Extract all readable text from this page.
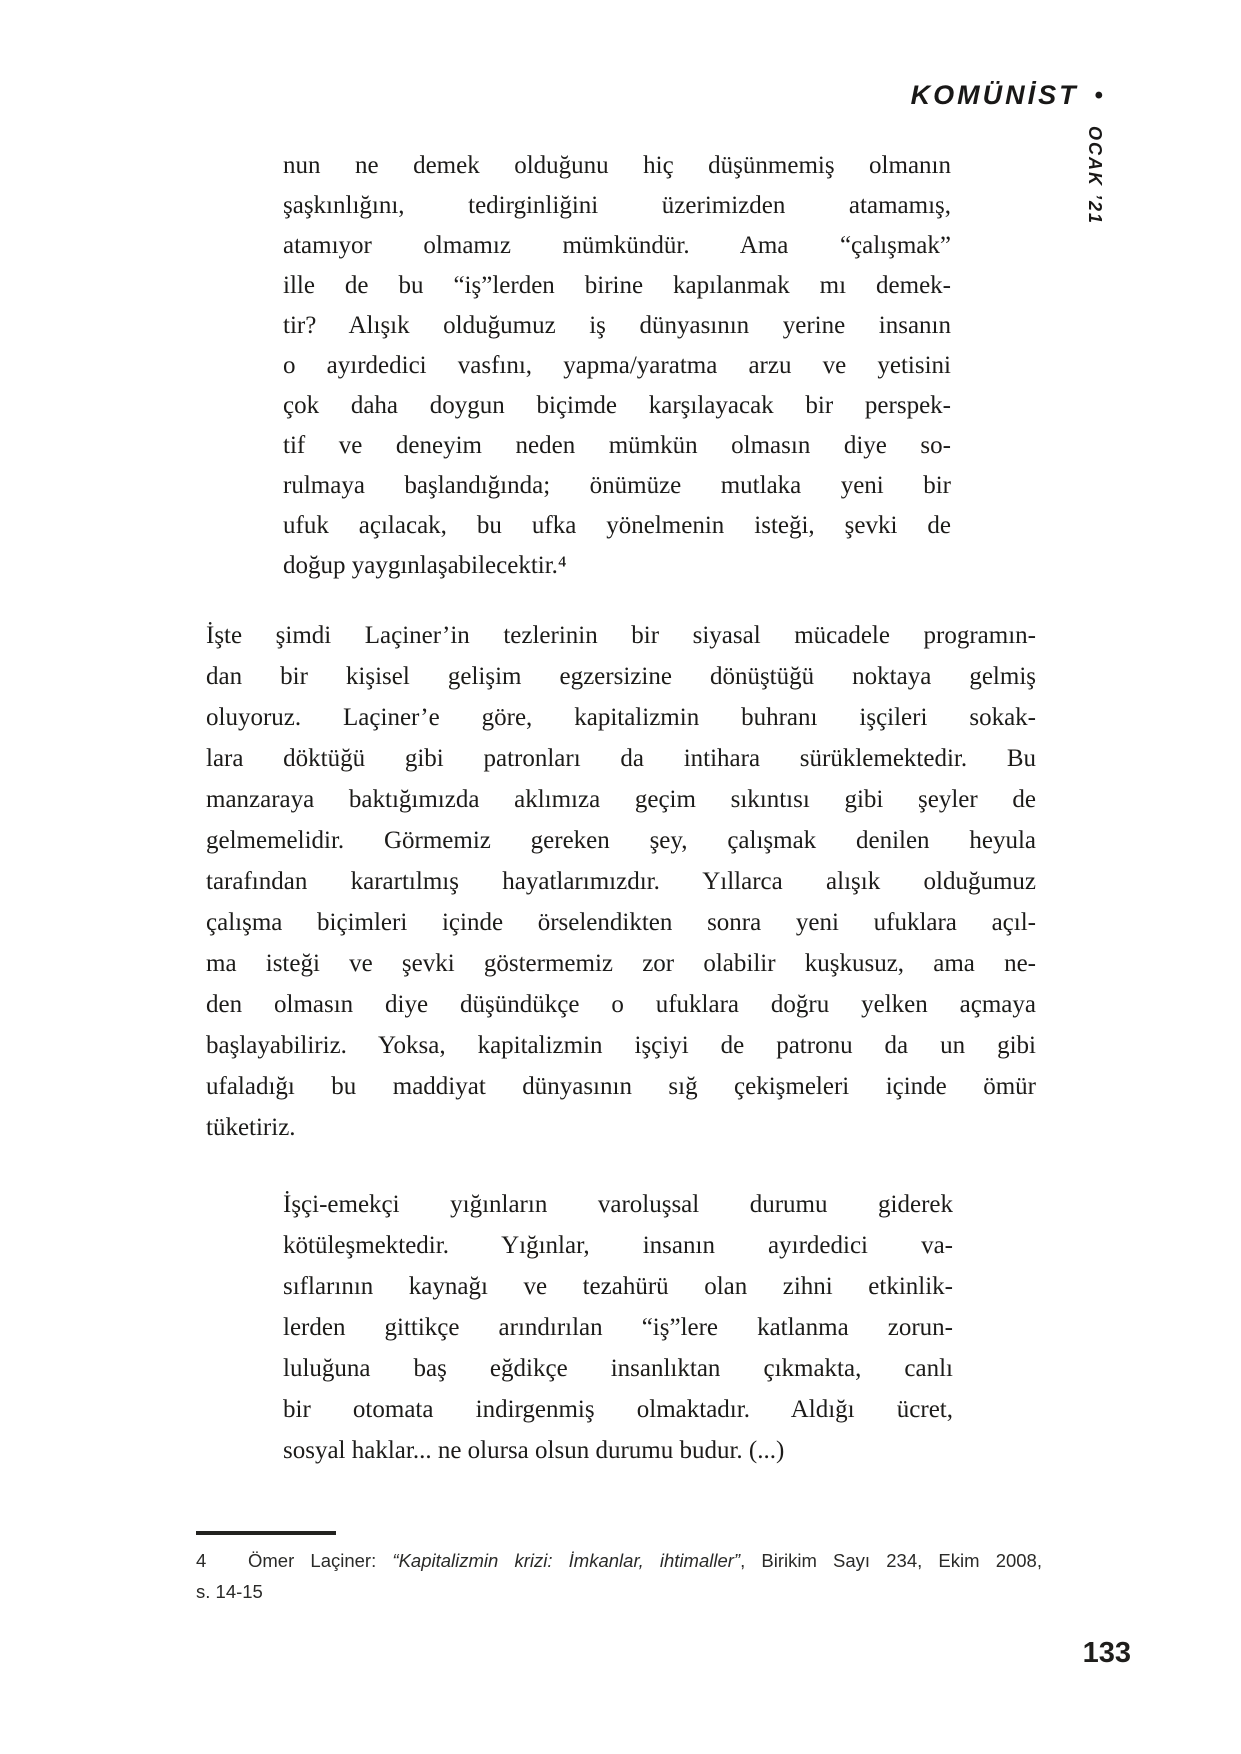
KOMÜNİST •
OCAK ’21
nun ne demek olduğunu hiç düşünmemiş olmanın
şaşkınlığını, tedirginliğini üzerimizden atamamış,
atamıyor olmamız mümkündür. Ama “çalışmak”
ille de bu “iş”lerden birine kapılanmak mı demek-
tir? Alışık olduğumuz iş dünyasının yerine insanın
o ayırdedici vasfını, yapma/yaratma arzu ve yetisini
çok daha doygun biçimde karşılayacak bir perspek-
tif ve deneyim neden mümkün olmasın diye so-
rulmaya başlandığında; önümüze mutlaka yeni bir
ufuk açılacak, bu ufka yönelmenin isteği, şevki de
doğup yaygınlaşabilecektir.⁴
İşte şimdi Laçiner’in tezlerinin bir siyasal mücadele programın-
dan bir kişisel gelişim egzersizine dönüştüğü noktaya gelmiş
oluyoruz. Laçiner’e göre, kapitalizmin buhranı işçileri sokak-
lara döktüğü gibi patronları da intihara sürüklemektedir. Bu
manzaraya baktığımızda aklımıza geçim sıkıntısı gibi şeyler de
gelmemelidir. Görmemiz gereken şey, çalışmak denilen heyula
tarafından karartılmış hayatlarımızdır. Yıllarca alışık olduğumuz
çalışma biçimleri içinde örselendikten sonra yeni ufuklara açıl-
ma isteği ve şevki göstermemiz zor olabilir kuşkusuz, ama ne-
den olmasın diye düşündükçe o ufuklara doğru yelken açmaya
başlayabiliriz. Yoksa, kapitalizmin işçiyi de patronu da un gibi
ufaladığı bu maddiyat dünyasının sığ çekişmeleri içinde ömür
tüketiriz.
İşçi-emekçi yığınların varoluşsal durumu giderek
kötüleşmektedir. Yığınlar, insanın ayırdedici va-
sıflarının kaynağı ve tezahürü olan zihni etkinlik-
lerden gittikçe arındırılan “iş”lere katlanma zorun-
luluğuna baş eğdikçe insanlıktan çıkmakta, canlı
bir otomata indirgenmiş olmaktadır. Aldığı ücret,
sosyal haklar... ne olursa olsun durumu budur. (...)
4 Ömer Laçiner: “Kapitalizmin krizi: İmkanlar, ihtimaller”, Birikim Sayı 234, Ekim 2008,
s. 14-15
133
